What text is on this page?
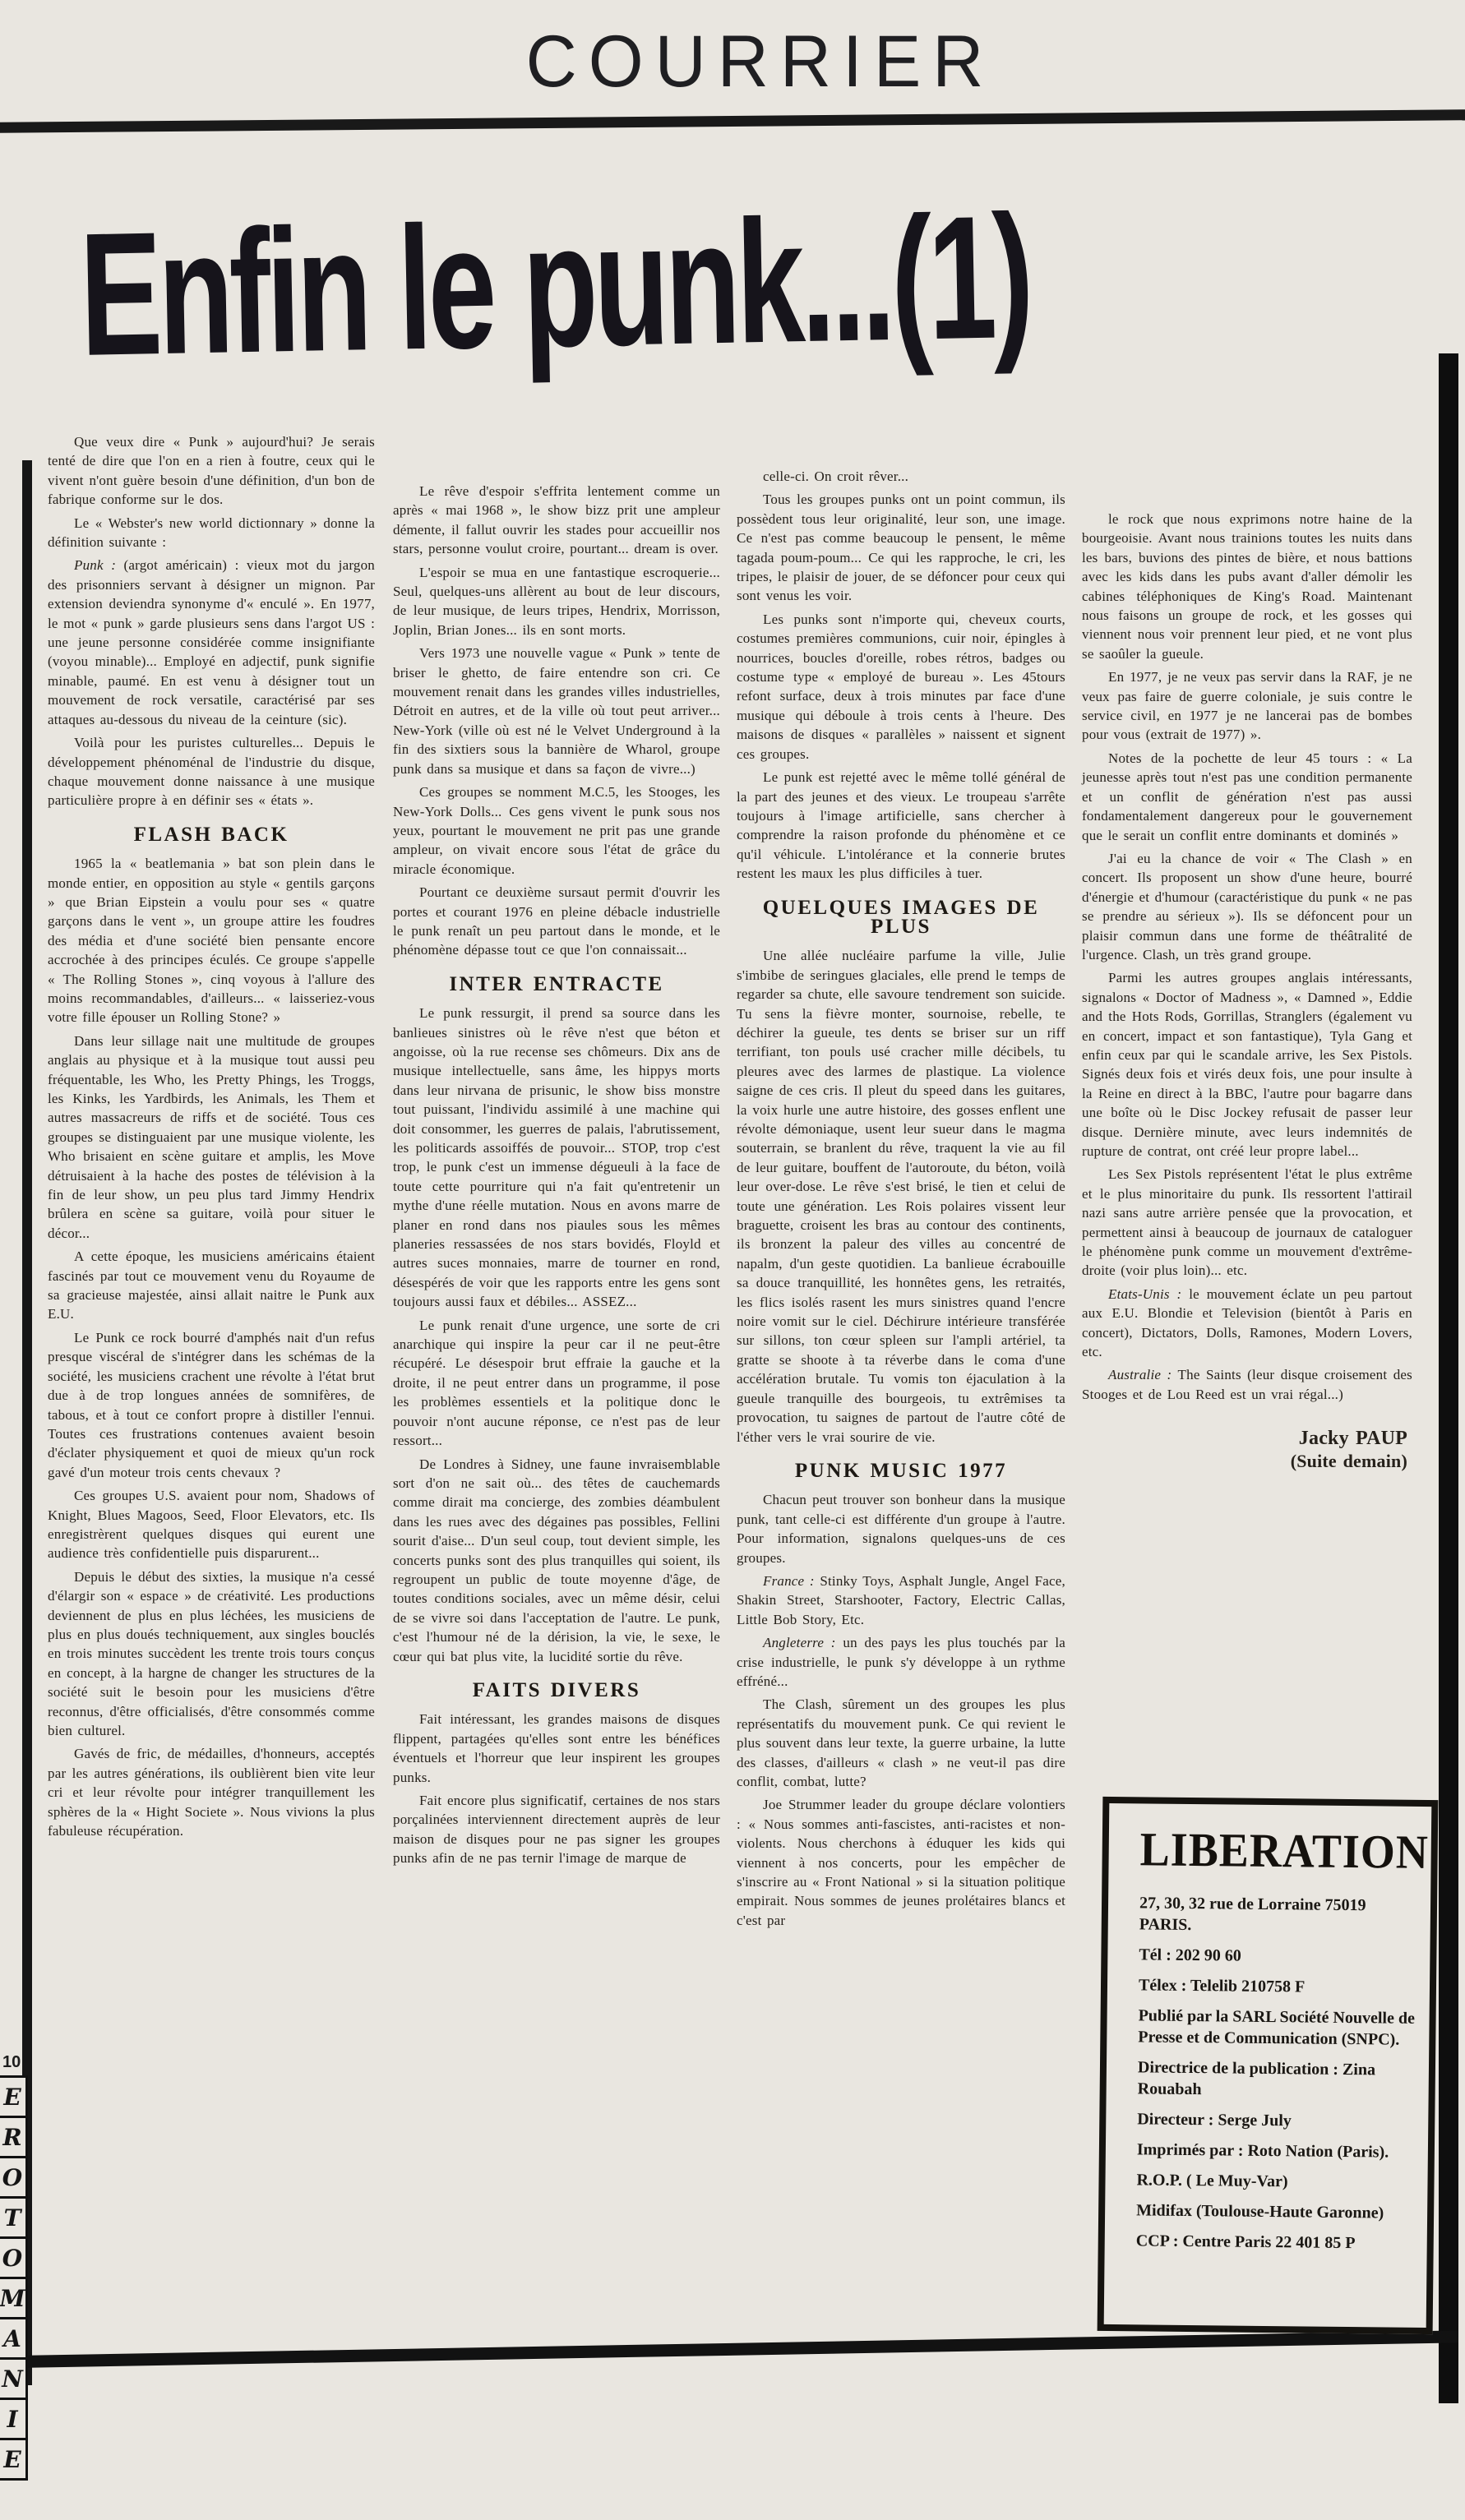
COURRIER
Enfin le punk...(1)

Que veux dire « Punk » aujourd'hui? Je serais tenté de dire que l'on en a rien à foutre, ceux qui le vivent n'ont guère besoin d'une définition, d'un bon de fabrique conforme sur le dos.

Le « Webster's new world dictionnary » donne la définition suivante :

Punk : (argot américain) : vieux mot du jargon des prisonniers servant à désigner un mignon. Par extension deviendra synonyme d'« enculé ». En 1977, le mot « punk » garde plusieurs sens dans l'argot US : une jeune personne considérée comme insignifiante (voyou minable)... Employé en adjectif, punk signifie minable, paumé. En est venu à désigner tout un mouvement de rock versatile, caractérisé par ses attaques au-dessous du niveau de la ceinture (sic).

Voilà pour les puristes culturelles... Depuis le développement phénoménal de l'industrie du disque, chaque mouvement donne naissance à une musique particulière propre à en définir ses « états ».

FLASH BACK

1965 la « beatlemania » bat son plein dans le monde entier, en opposition au style « gentils garçons » que Brian Eipstein a voulu pour ses « quatre garçons dans le vent », un groupe attire les foudres des média et d'une société bien pensante encore accrochée à des principes éculés. Ce groupe s'appelle « The Rolling Stones », cinq voyous à l'allure des moins recommandables, d'ailleurs... « laisseriez-vous votre fille épouser un Rolling Stone? »

Dans leur sillage nait une multitude de groupes anglais au physique et à la musique tout aussi peu fréquentable, les Who, les Pretty Phings, les Troggs, les Kinks, les Yardbirds, les Animals, les Them et autres massacreurs de riffs et de société. Tous ces groupes se distinguaient par une musique violente, les Who brisaient en scène guitare et amplis, les Move détruisaient à la hache des postes de télévision à la fin de leur show, un peu plus tard Jimmy Hendrix brûlera en scène sa guitare, voilà pour situer le décor...

A cette époque, les musiciens américains étaient fascinés par tout ce mouvement venu du Royaume de sa gracieuse majestée, ainsi allait naitre le Punk aux E.U.

Le Punk ce rock bourré d'amphés nait d'un refus presque viscéral de s'intégrer dans les schémas de la société, les musiciens crachent une révolte à l'état brut due à de trop longues années de somnifères, de tabous, et à tout ce confort propre à distiller l'ennui. Toutes ces frustrations contenues avaient besoin d'éclater physiquement et quoi de mieux qu'un rock gavé d'un moteur trois cents chevaux ?

Ces groupes U.S. avaient pour nom, Shadows of Knight, Blues Magoos, Seed, Floor Elevators, etc. Ils enregistrèrent quelques disques qui eurent une audience très confidentielle puis disparurent...

Depuis le début des sixties, la musique n'a cessé d'élargir son « espace » de créativité. Les productions deviennent de plus en plus léchées, les musiciens de plus en plus doués techniquement, aux singles bouclés en trois minutes succèdent les trente trois tours conçus en concept, à la hargne de changer les structures de la société suit le besoin pour les musiciens d'être reconnus, d'être officialisés, d'être consommés comme bien culturel.

Gavés de fric, de médailles, d'honneurs, acceptés par les autres générations, ils oublièrent bien vite leur cri et leur révolte pour intégrer tranquillement les sphères de la « Hight Societe ». Nous vivions la plus fabuleuse récupération.

Le rêve d'espoir s'effrita lentement comme un après « mai 1968 », le show bizz prit une ampleur démente, il fallut ouvrir les stades pour accueillir nos stars, personne voulut croire, pourtant... dream is over.

L'espoir se mua en une fantastique escroquerie... Seul, quelques-uns allèrent au bout de leur discours, de leur musique, de leurs tripes, Hendrix, Morrisson, Joplin, Brian Jones... ils en sont morts.

Vers 1973 une nouvelle vague « Punk » tente de briser le ghetto, de faire entendre son cri. Ce mouvement renait dans les grandes villes industrielles, Détroit en autres, et de la ville où tout peut arriver... New-York (ville où est né le Velvet Underground à la fin des sixtiers sous la bannière de Wharol, groupe punk dans sa musique et dans sa façon de vivre...)

Ces groupes se nomment M.C.5, les Stooges, les New-York Dolls... Ces gens vivent le punk sous nos yeux, pourtant le mouvement ne prit pas une grande ampleur, on vivait encore sous l'état de grâce du miracle économique.

Pourtant ce deuxième sursaut permit d'ouvrir les portes et courant 1976 en pleine débacle industrielle le punk renaît un peu partout dans le monde, et le phénomène dépasse tout ce que l'on connaissait...

INTER ENTRACTE

Le punk ressurgit, il prend sa source dans les banlieues sinistres où le rêve n'est que béton et angoisse, où la rue recense ses chômeurs. Dix ans de musique intellectuelle, sans âme, les hippys morts dans leur nirvana de prisunic, le show biss monstre tout puissant, l'individu assimilé à une machine qui doit consommer, les guerres de palais, l'abrutissement, les politicards assoiffés de pouvoir... STOP, trop c'est trop, le punk c'est un immense dégueuli à la face de toute cette pourriture qui n'a fait qu'entretenir un mythe d'une réelle mutation. Nous en avons marre de planer en rond dans nos piaules sous les mêmes planeries ressassées de nos stars bovidés, Floyld et autres suces monnaies, marre de tourner en rond, désespérés de voir que les rapports entre les gens sont toujours aussi faux et débiles... ASSEZ...

Le punk renait d'une urgence, une sorte de cri anarchique qui inspire la peur car il ne peut-être récupéré. Le désespoir brut effraie la gauche et la droite, il ne peut entrer dans un programme, il pose les problèmes essentiels et la politique donc le pouvoir n'ont aucune réponse, ce n'est pas de leur ressort...

De Londres à Sidney, une faune invraisemblable sort d'on ne sait où... des têtes de cauchemards comme dirait ma concierge, des zombies déambulent dans les rues avec des dégaines pas possibles, Fellini sourit d'aise... D'un seul coup, tout devient simple, les concerts punks sont des plus tranquilles qui soient, ils regroupent un public de toute moyenne d'âge, de toutes conditions sociales, avec un même désir, celui de se vivre soi dans l'acceptation de l'autre. Le punk, c'est l'humour né de la dérision, la vie, le sexe, le cœur qui bat plus vite, la lucidité sortie du rêve.

FAITS DIVERS

Fait intéressant, les grandes maisons de disques flippent, partagées qu'elles sont entre les bénéfices éventuels et l'horreur que leur inspirent les groupes punks.

Fait encore plus significatif, certaines de nos stars porçalinées interviennent directement auprès de leur maison de disques pour ne pas signer les groupes punks afin de ne pas ternir l'image de marque de

celle-ci. On croit rêver...

Tous les groupes punks ont un point commun, ils possèdent tous leur originalité, leur son, une image. Ce n'est pas comme beaucoup le pensent, le même tagada poum-poum... Ce qui les rapproche, le cri, les tripes, le plaisir de jouer, de se défoncer pour ceux qui sont venus les voir.

Les punks sont n'importe qui, cheveux courts, costumes premières communions, cuir noir, épingles à nourrices, boucles d'oreille, robes rétros, badges ou costume type « employé de bureau ». Les 45tours refont surface, deux à trois minutes par face d'une musique qui déboule à trois cents à l'heure. Des maisons de disques « parallèles » naissent et signent ces groupes.

Le punk est rejetté avec le même tollé général de la part des jeunes et des vieux. Le troupeau s'arrête toujours à l'image artificielle, sans chercher à comprendre la raison profonde du phénomène et ce qu'il véhicule. L'intolérance et la connerie brutes restent les maux les plus difficiles à tuer.

QUELQUES IMAGES DE PLUS

Une allée nucléaire parfume la ville, Julie s'imbibe de seringues glaciales, elle prend le temps de regarder sa chute, elle savoure tendrement son suicide. Tu sens la fièvre monter, sournoise, rebelle, te déchirer la gueule, tes dents se briser sur un riff terrifiant, ton pouls usé cracher mille décibels, tu pleures avec des larmes de plastique. La violence saigne de ces cris. Il pleut du speed dans les guitares, la voix hurle une autre histoire, des gosses enflent une révolte démoniaque, usent leur sueur dans le magma souterrain, se branlent du rêve, traquent la vie au fil de leur guitare, bouffent de l'autoroute, du béton, voilà leur over-dose. Le rêve s'est brisé, le tien et celui de toute une génération. Les Rois polaires vissent leur braguette, croisent les bras au contour des continents, ils bronzent la paleur des villes au concentré de napalm, d'un geste quotidien. La banlieue écrabouille sa douce tranquillité, les honnêtes gens, les retraités, les flics isolés rasent les murs sinistres quand l'encre noire vomit sur le ciel. Déchirure intérieure transférée sur sillons, ton cœur spleen sur l'ampli artériel, ta gratte se shoote à ta réverbe dans le coma d'une accélération brutale. Tu vomis ton éjaculation à la gueule tranquille des bourgeois, tu extrêmises ta provocation, tu saignes de partout de l'autre côté de l'éther vers le vrai sourire de vie.

PUNK MUSIC 1977

Chacun peut trouver son bonheur dans la musique punk, tant celle-ci est différente d'un groupe à l'autre. Pour information, signalons quelques-uns de ces groupes.

France : Stinky Toys, Asphalt Jungle, Angel Face, Shakin Street, Starshooter, Factory, Electric Callas, Little Bob Story, Etc.

Angleterre : un des pays les plus touchés par la crise industrielle, le punk s'y développe à un rythme effréné...

The Clash, sûrement un des groupes les plus représentatifs du mouvement punk. Ce qui revient le plus souvent dans leur texte, la guerre urbaine, la lutte des classes, d'ailleurs « clash » ne veut-il pas dire conflit, combat, lutte?

Joe Strummer leader du groupe déclare volontiers : « Nous sommes anti-fascistes, anti-racistes et non-violents. Nous cherchons à éduquer les kids qui viennent à nos concerts, pour les empêcher de s'inscrire au « Front National » si la situation politique empirait. Nous sommes de jeunes prolétaires blancs et c'est par

le rock que nous exprimons notre haine de la bourgeoisie. Avant nous trainions toutes les nuits dans les bars, buvions des pintes de bière, et nous battions avec les kids dans les pubs avant d'aller démolir les cabines téléphoniques de King's Road. Maintenant nous faisons un groupe de rock, et les gosses qui viennent nous voir prennent leur pied, et ne vont plus se saoûler la gueule.

En 1977, je ne veux pas servir dans la RAF, je ne veux pas faire de guerre coloniale, je suis contre le service civil, en 1977 je ne lancerai pas de bombes pour vous (extrait de 1977) ».

Notes de la pochette de leur 45 tours : « La jeunesse après tout n'est pas une condition permanente et un conflit de génération n'est pas aussi fondamentalement dangereux pour le gouvernement que le serait un conflit entre dominants et dominés »

J'ai eu la chance de voir « The Clash » en concert. Ils proposent un show d'une heure, bourré d'énergie et d'humour (caractéristique du punk « ne pas se prendre au sérieux »). Ils se défoncent pour un plaisir commun dans une forme de théâtralité de l'urgence. Clash, un très grand groupe.

Parmi les autres groupes anglais intéressants, signalons « Doctor of Madness », « Damned », Eddie and the Hots Rods, Gorrillas, Stranglers (également vu en concert, impact et son fantastique), Tyla Gang et enfin ceux par qui le scandale arrive, les Sex Pistols. Signés deux fois et virés deux fois, une pour insulte à la Reine en direct à la BBC, l'autre pour bagarre dans une boîte où le Disc Jockey refusait de passer leur disque. Dernière minute, avec leurs indemnités de rupture de contrat, ont créé leur propre label...

Les Sex Pistols représentent l'état le plus extrême et le plus minoritaire du punk. Ils ressortent l'attirail nazi sans autre arrière pensée que la provocation, et permettent ainsi à beaucoup de journaux de cataloguer le phénomène punk comme un mouvement d'extrême-droite (voir plus loin)... etc.

Etats-Unis : le mouvement éclate un peu partout aux E.U. Blondie et Television (bientôt à Paris en concert), Dictators, Dolls, Ramones, Modern Lovers, etc.

Australie : The Saints (leur disque croisement des Stooges et de Lou Reed est un vrai régal...)

Jacky PAUP
(Suite demain)
10
E
R
O
T
O
M
A
N
I
E
LIBERATION

27, 30, 32 rue de Lorraine 75019 PARIS.

Tél : 202 90 60

Télex : Telelib 210758 F

Publié par la SARL Société Nouvelle de Presse et de Communication (SNPC).

Directrice de la publication : Zina Rouabah

Directeur : Serge July

Imprimés par : Roto Nation (Paris).

R.O.P. ( Le Muy-Var)

Midifax (Toulouse-Haute Garonne)

CCP : Centre Paris 22 401 85 P
